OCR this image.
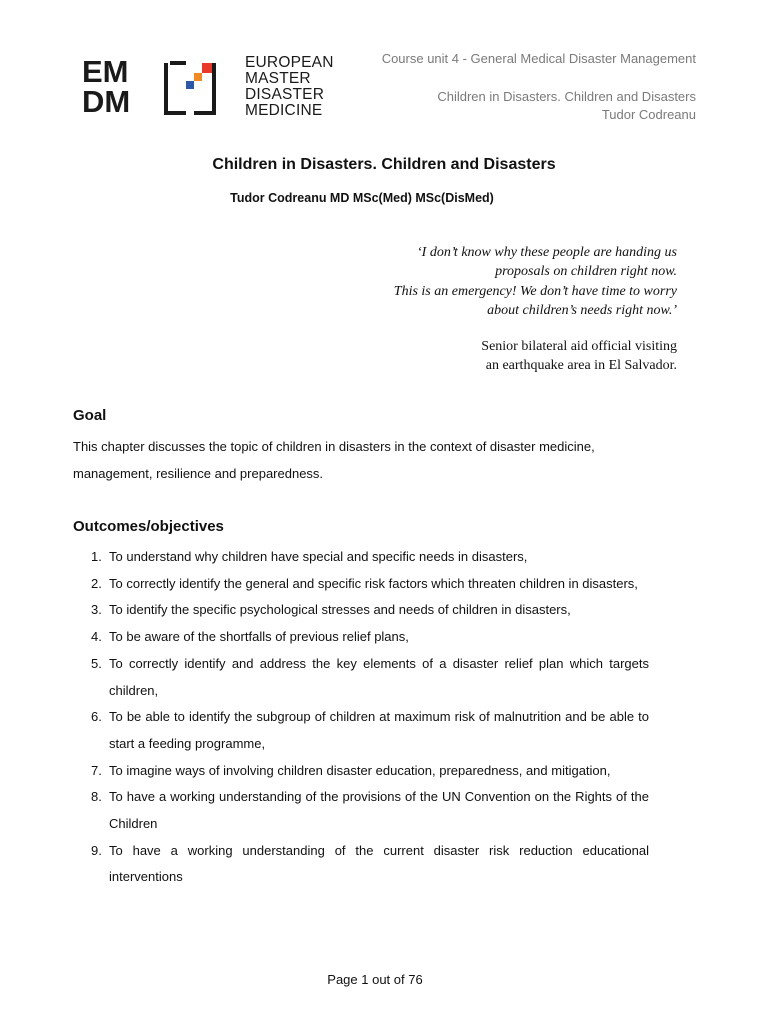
EM
DM
EUROPEAN
MASTER
DISASTER
MEDICINE
Course unit 4 - General Medical Disaster Management
Children in Disasters. Children and Disasters
Tudor Codreanu
Children in Disasters. Children and Disasters
Tudor Codreanu MD MSc(Med) MSc(DisMed)
‘I don’t know why these people are handing us
proposals on children right now.
This is an emergency! We don’t have time to worry
about children’s needs right now.’
Senior bilateral aid official visiting
an earthquake area in El Salvador.
Goal
This chapter discusses the topic of children in disasters in the context of disaster medicine, management, resilience and preparedness.
Outcomes/objectives
1. To understand why children have special and specific needs in disasters,
2. To correctly identify the general and specific risk factors which threaten children in disasters,
3. To identify the specific psychological stresses and needs of children in disasters,
4. To be aware of the shortfalls of previous relief plans,
5. To correctly identify and address the key elements of a disaster relief plan which targets children,
6. To be able to identify the subgroup of children at maximum risk of malnutrition and be able to start a feeding programme,
7. To imagine ways of involving children disaster education, preparedness, and mitigation,
8. To have a working understanding of the provisions of the UN Convention on the Rights of the Children
9. To have a working understanding of the current disaster risk reduction educational interventions
Page 1 out of 76
